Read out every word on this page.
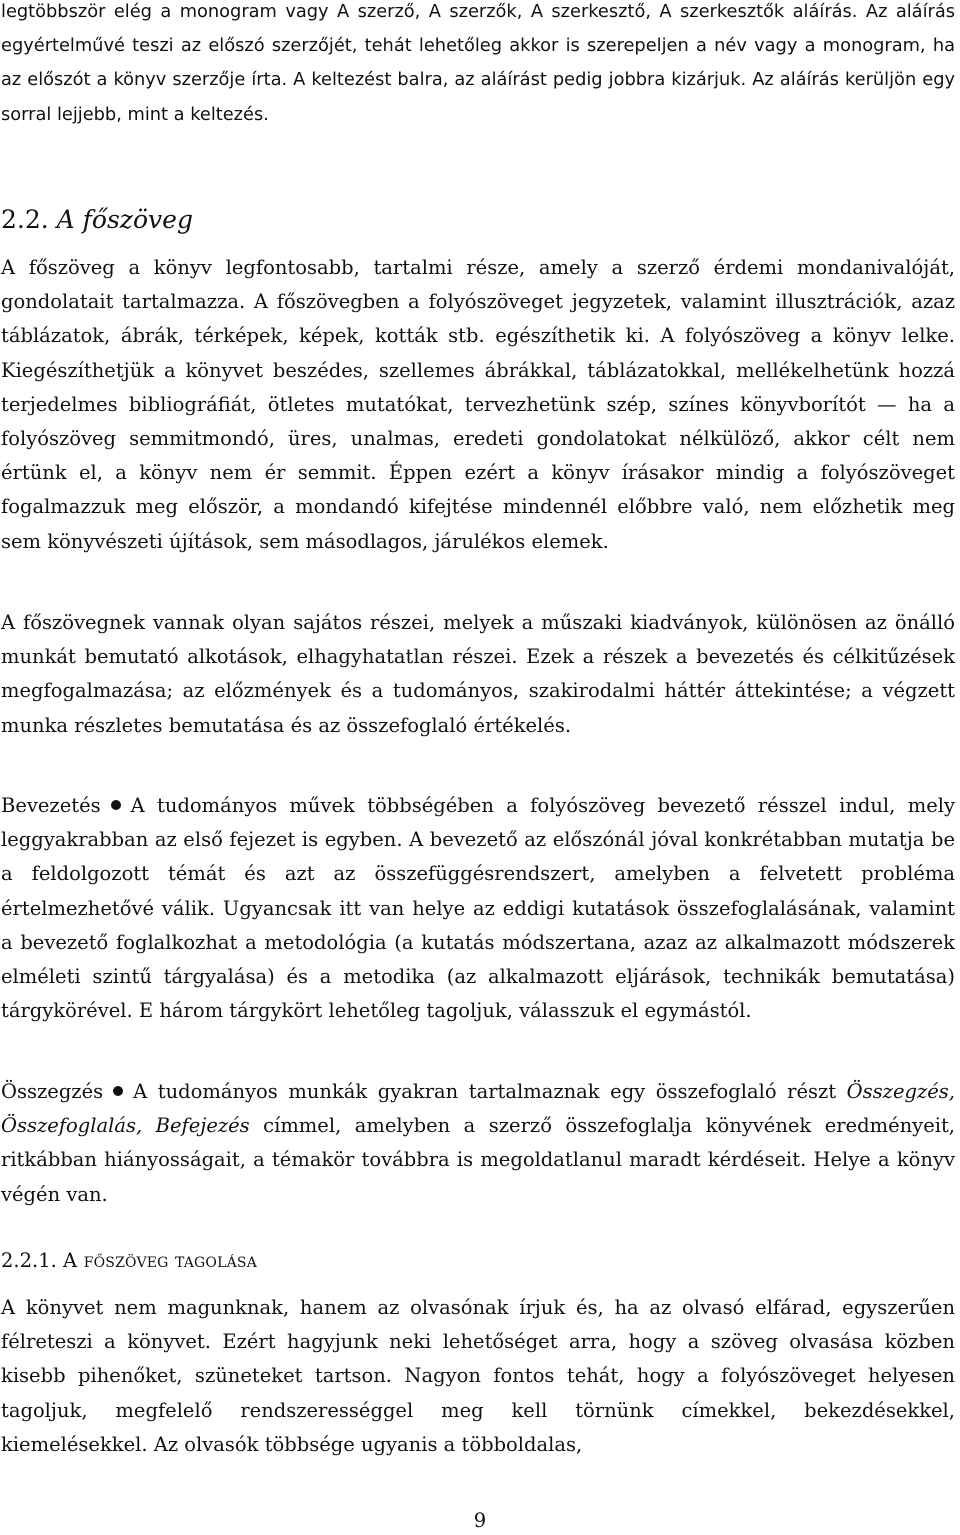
legtöbbször elég a monogram vagy A szerző, A szerzők, A szerkesztő, A szerkesztők aláírás. Az aláírás egyértelművé teszi az előszó szerzőjét, tehát lehetőleg akkor is szerepeljen a név vagy a monogram, ha az előszót a könyv szerzője írta. A keltezést balra, az aláírást pedig jobbra kizárjuk. Az aláírás kerüljön egy sorral lejjebb, mint a keltezés.
2.2. A főszöveg
A főszöveg a könyv legfontosabb, tartalmi része, amely a szerző érdemi mondanivalóját, gondolatait tartalmazza. A főszövegben a folyószöveget jegyzetek, valamint illusztrációk, azaz táblázatok, ábrák, térképek, képek, kották stb. egészíthetik ki. A folyószöveg a könyv lelke. Kiegészíthetjük a könyvet beszédes, szellemes ábrákkal, táblázatokkal, mellékelhetünk hozzá terjedelmes bibliográfiát, ötletes mutatókat, tervezhetünk szép, színes könyvborítót — ha a folyószöveg semmitmondó, üres, unalmas, eredeti gondolatokat nélkülöző, akkor célt nem értünk el, a könyv nem ér semmit. Éppen ezért a könyv írásakor mindig a folyószöveget fogalmazzuk meg először, a mondandó kifejtése mindennél előbbre való, nem előzhetik meg sem könyvészeti újítások, sem másodlagos, járulékos elemek.
A főszövegnek vannak olyan sajátos részei, melyek a műszaki kiadványok, különösen az önálló munkát bemutató alkotások, elhagyhatatlan részei. Ezek a részek a bevezetés és célkitűzések megfogalmazása; az előzmények és a tudományos, szakirodalmi háttér áttekintése; a végzett munka részletes bemutatása és az összefoglaló értékelés.
Bevezetés A tudományos művek többségében a folyószöveg bevezető résszel indul, mely leggyakrabban az első fejezet is egyben. A bevezető az előszónál jóval konkrétabban mutatja be a feldolgozott témát és azt az összefüggésrendszert, amelyben a felvetett probléma értelmezhetővé válik. Ugyancsak itt van helye az eddigi kutatások összefoglalásának, valamint a bevezető foglalkozhat a metodológia (a kutatás módszertana, azaz az alkalmazott módszerek elméleti szintű tárgyalása) és a metodika (az alkalmazott eljárások, technikák bemutatása) tárgykörével. E három tárgykört lehetőleg tagoljuk, válasszuk el egymástól.
Összegzés A tudományos munkák gyakran tartalmaznak egy összefoglaló részt Összegzés, Összefoglalás, Befejezés címmel, amelyben a szerző összefoglalja könyvének eredményeit, ritkábban hiányosságait, a témakör továbbra is megoldatlanul maradt kérdéseit. Helye a könyv végén van.
2.2.1. A főszöveg tagolása
A könyvet nem magunknak, hanem az olvasónak írjuk és, ha az olvasó elfárad, egyszerűen félreteszi a könyvet. Ezért hagyjunk neki lehetőséget arra, hogy a szöveg olvasása közben kisebb pihenőket, szüneteket tartson. Nagyon fontos tehát, hogy a folyószöveget helyesen tagoljuk, megfelelő rendszerességgel meg kell törnünk címekkel, bekezdésekkel, kiemelésekkel. Az olvasók többsége ugyanis a többoldalas,
9
